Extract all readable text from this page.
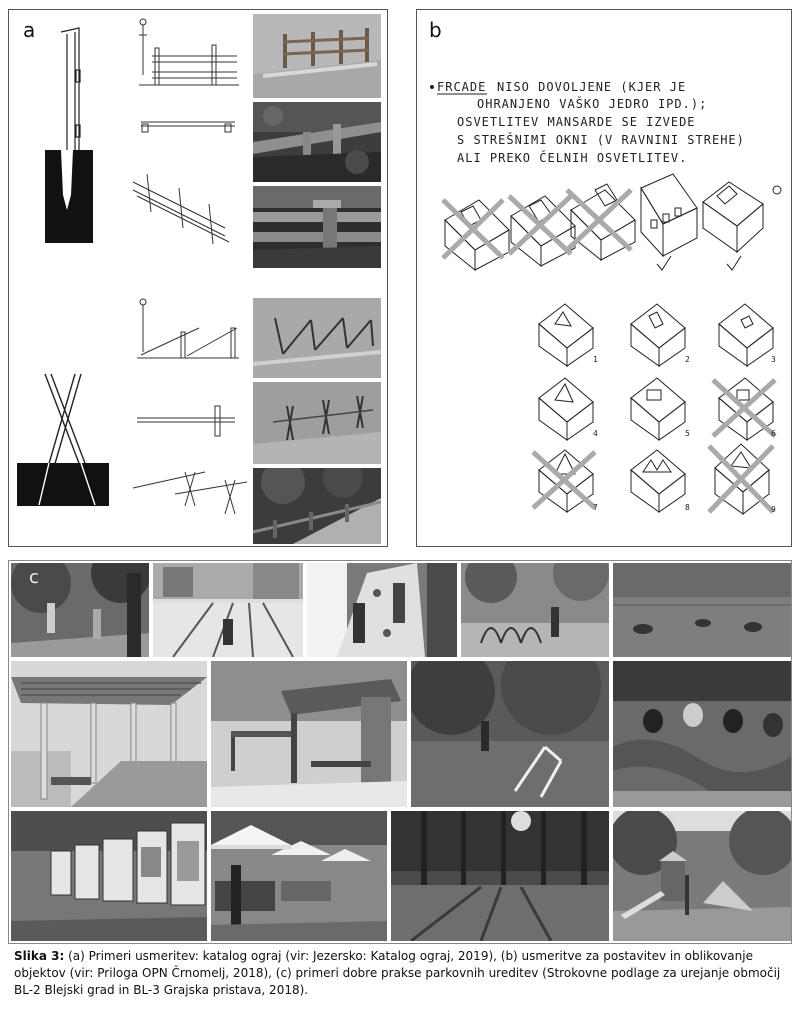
a	b
FRCADE NISO DOVOLJENE (KJER JE
OHRANJENO VAŠKO JEDRO IPD.);
OSVETLITEV MANSARDE SE IZVEDE
S STREŠNIMI OKNI (V RAVNINI STREHE)
ALI PREKO ČELNIH OSVETLITEV.
1	2	3
4	5	6
7	8	9
c
Slika 3: (a) Primeri usmeritev: katalog ograj (vir: Jezersko: Katalog ograj, 2019), (b) usmeritve za postavitev in oblikovanje objektov (vir: Priloga OPN Črnomelj, 2018), (c) primeri dobre prakse parkovnih ureditev (Strokovne podlage za urejanje območij BL-2 Blejski grad in BL-3 Grajska pristava, 2018).
